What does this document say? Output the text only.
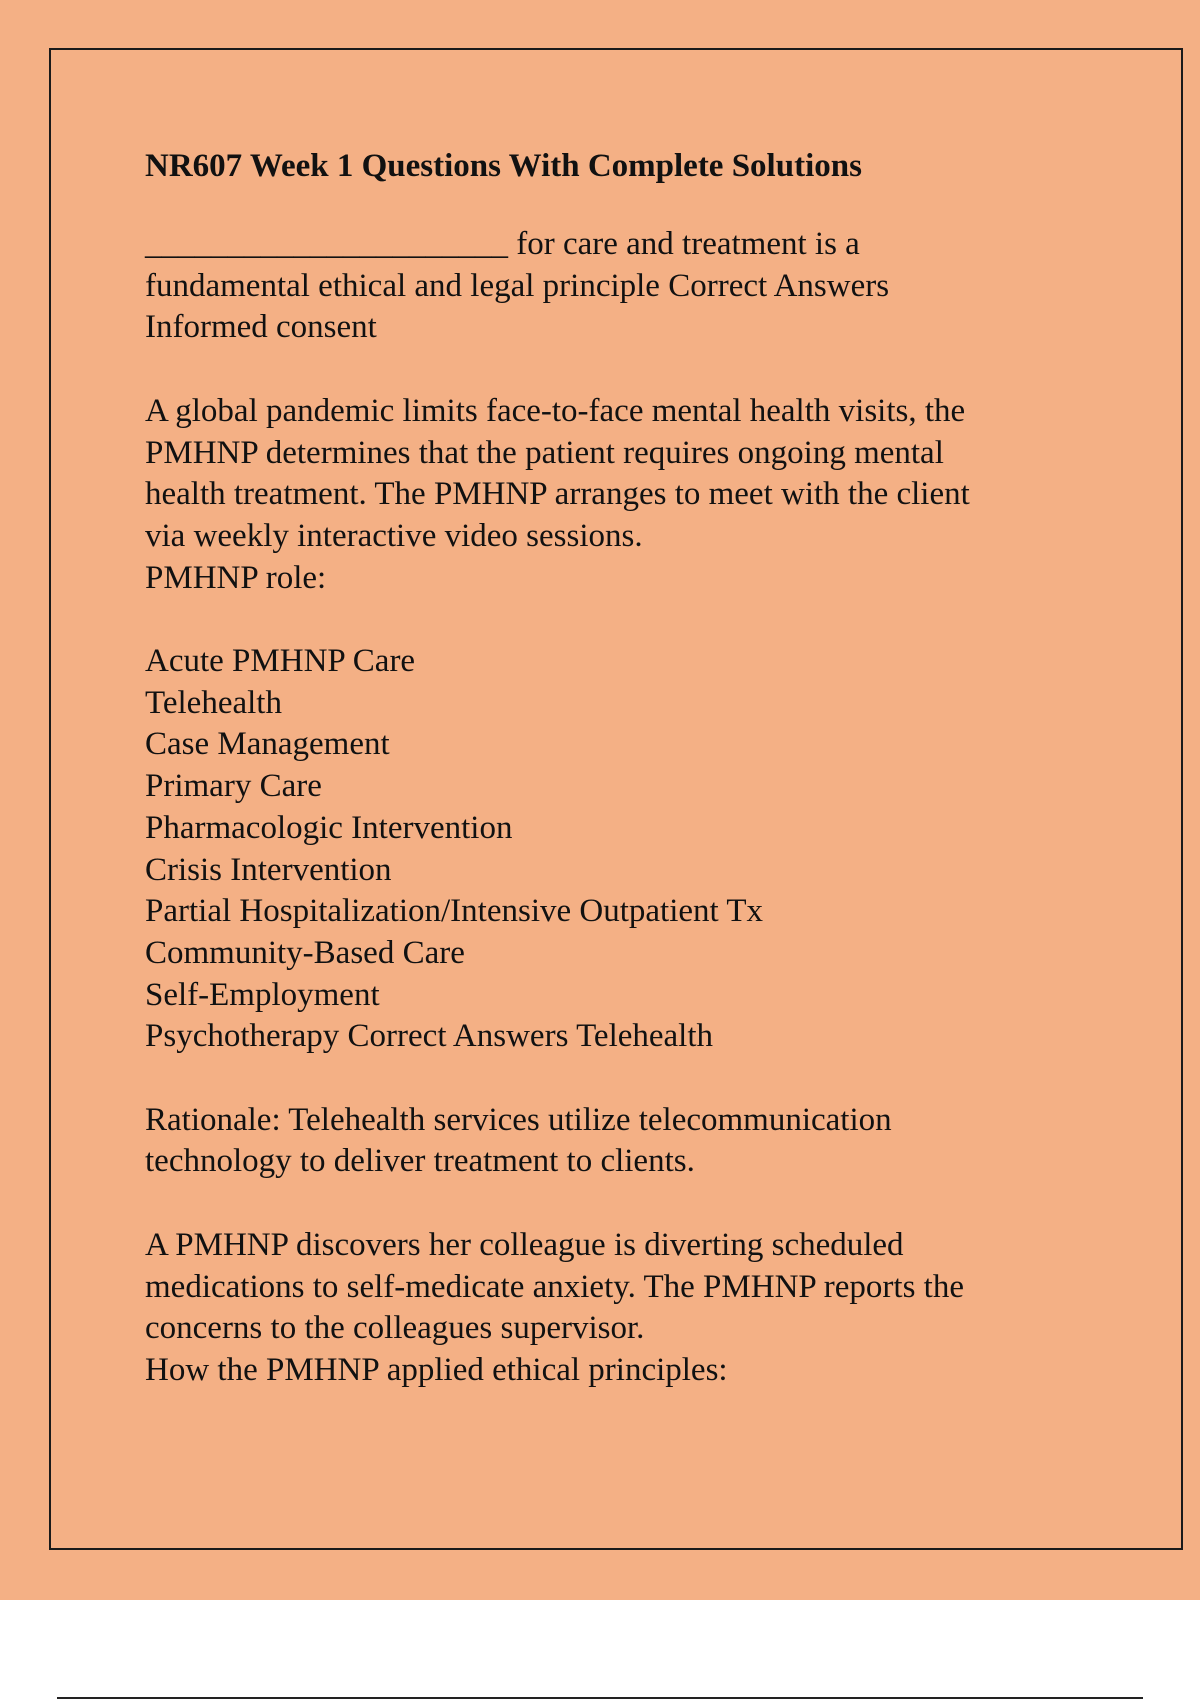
NR607 Week 1 Questions With Complete Solutions
______________________ for care and treatment is a
fundamental ethical and legal principle Correct Answers
Informed consent
A global pandemic limits face-to-face mental health visits, the
PMHNP determines that the patient requires ongoing mental
health treatment. The PMHNP arranges to meet with the client
via weekly interactive video sessions.
PMHNP role:
Acute PMHNP Care
Telehealth
Case Management
Primary Care
Pharmacologic Intervention
Crisis Intervention
Partial Hospitalization/Intensive Outpatient Tx
Community-Based Care
Self-Employment
Psychotherapy Correct Answers Telehealth
Rationale: Telehealth services utilize telecommunication
technology to deliver treatment to clients.
A PMHNP discovers her colleague is diverting scheduled
medications to self-medicate anxiety. The PMHNP reports the
concerns to the colleagues supervisor.
How the PMHNP applied ethical principles:
